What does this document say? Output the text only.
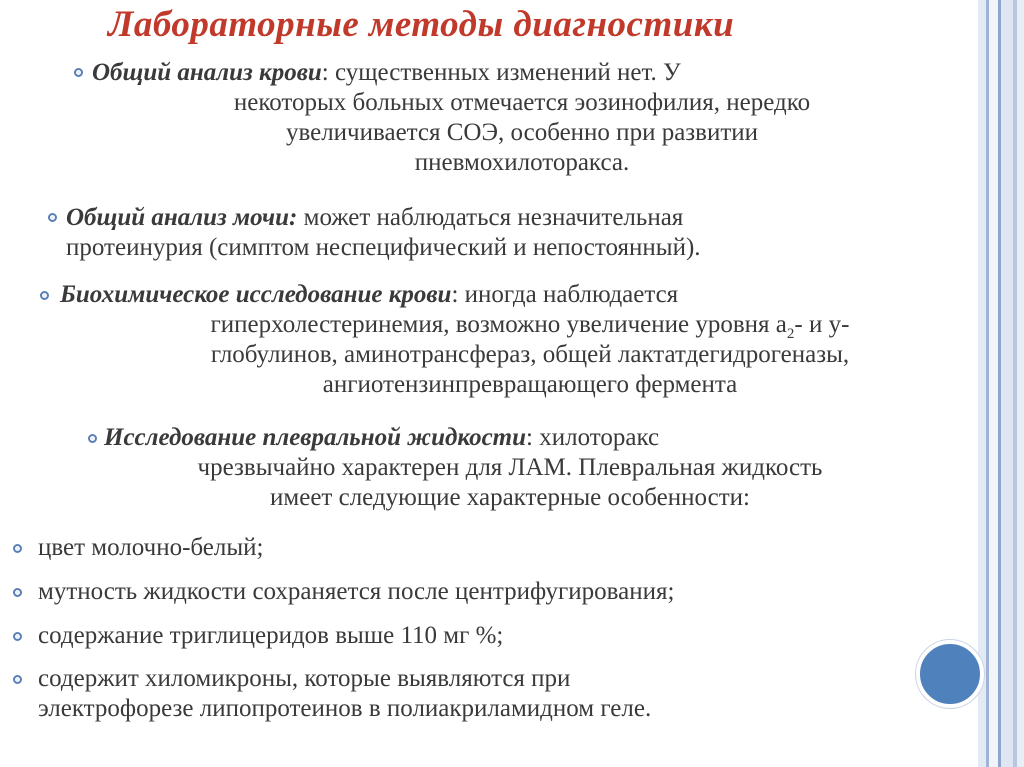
Лабораторные методы диагностики
Общий анализ крови: существенных изменений нет. У
некоторых больных отмечается эозинофилия, нередко
увеличивается СОЭ, особенно при развитии
пневмохилоторакса.
Общий анализ мочи: может наблюдаться незначительная
протеинурия (симптом неспецифический и непостоянный).
Биохимическое исследование крови: иногда наблюдается
гиперхолестеринемия, возможно увеличение уровня $а_2-$ и у-
глобулинов, аминотрансфераз, общей лактатдегидрогеназы,
ангиотензинпревращающего фермента
Исследование плевральной жидкости: хилоторакс
чрезвычайно характерен для ЛАМ. Плевральная жидкость
имеет следующие характерные особенности:
цвет молочно-белый;
мутность жидкости сохраняется после центрифугирования;
содержание триглицеридов выше 110 мг %;
содержит хиломикроны, которые выявляются при
электрофорезе липопротеинов в полиакриламидном геле.
